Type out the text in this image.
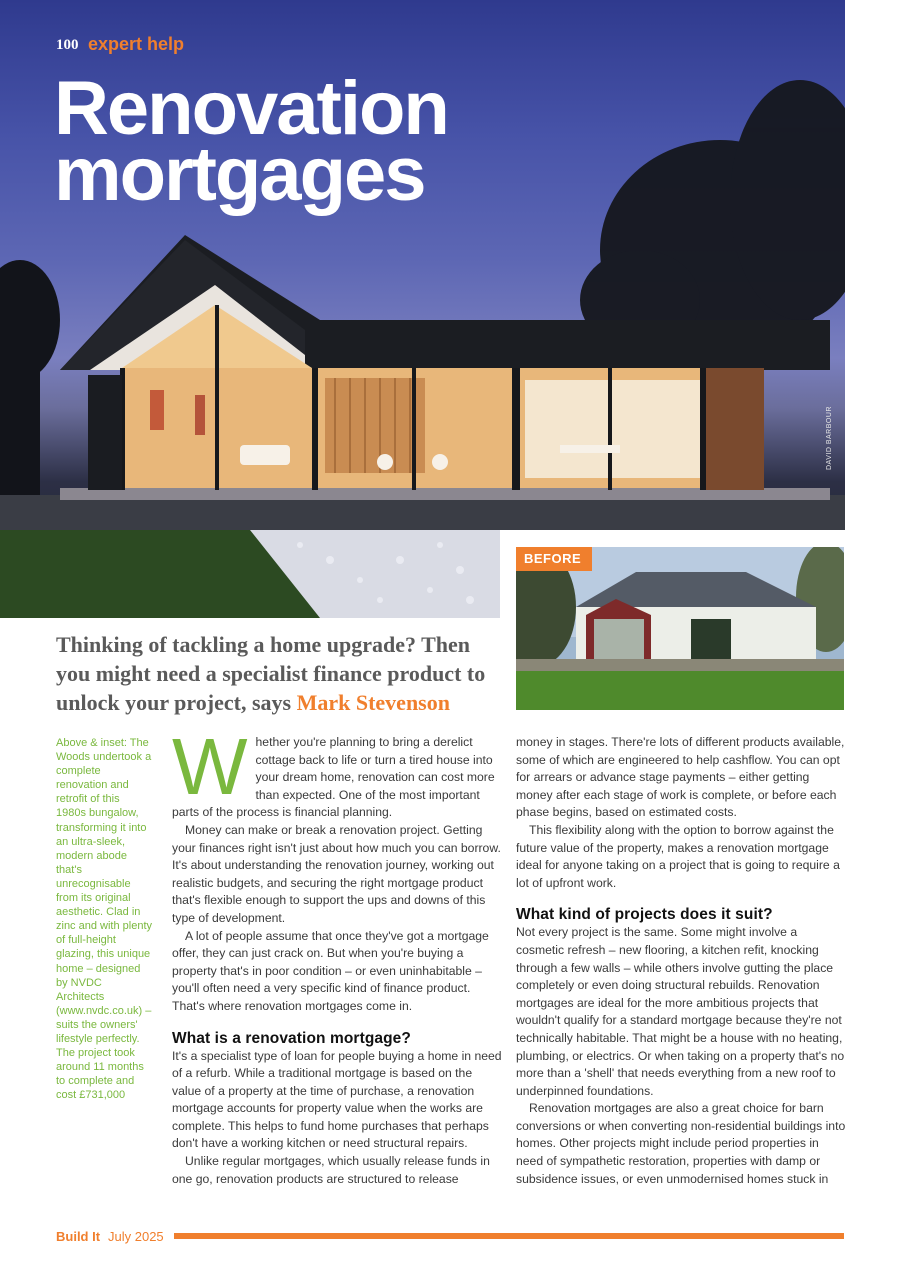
DAVID BARBOUR
100 expert help
Renovation mortgages
BEFORE
Thinking of tackling a home upgrade? Then you might need a specialist finance product to unlock your project, says Mark Stevenson
Above & inset: The Woods undertook a complete renovation and retrofit of this 1980s bungalow, transforming it into an ultra-sleek, modern abode that's unrecognisable from its original aesthetic. Clad in zinc and with plenty of full-height glazing, this unique home – designed by NVDC Architects (www.nvdc.co.uk) – suits the owners' lifestyle perfectly. The project took around 11 months to complete and cost £731,000

Whether you're planning to bring a derelict cottage back to life or turn a tired house into your dream home, renovation can cost more than expected. One of the most important parts of the process is financial planning.

Money can make or break a renovation project. Getting your finances right isn't just about how much you can borrow. It's about understanding the renovation journey, working out realistic budgets, and securing the right mortgage product that's flexible enough to support the ups and downs of this type of development.

A lot of people assume that once they've got a mortgage offer, they can just crack on. But when you're buying a property that's in poor condition – or even uninhabitable – you'll often need a very specific kind of finance product. That's where renovation mortgages come in.

What is a renovation mortgage?

It's a specialist type of loan for people buying a home in need of a refurb. While a traditional mortgage is based on the value of a property at the time of purchase, a renovation mortgage accounts for property value when the works are complete. This helps to fund home purchases that perhaps don't have a working kitchen or need structural repairs.

Unlike regular mortgages, which usually release funds in one go, renovation products are structured to release

money in stages. There're lots of different products available, some of which are engineered to help cashflow. You can opt for arrears or advance stage payments – either getting money after each stage of work is complete, or before each phase begins, based on estimated costs.

This flexibility along with the option to borrow against the future value of the property, makes a renovation mortgage ideal for anyone taking on a project that is going to require a lot of upfront work.

What kind of projects does it suit?

Not every project is the same. Some might involve a cosmetic refresh – new flooring, a kitchen refit, knocking through a few walls – while others involve gutting the place completely or even doing structural rebuilds. Renovation mortgages are ideal for the more ambitious projects that wouldn't qualify for a standard mortgage because they're not technically habitable. That might be a house with no heating, plumbing, or electrics. Or when taking on a property that's no more than a 'shell' that needs everything from a new roof to underpinned foundations.

Renovation mortgages are also a great choice for barn conversions or when converting non-residential buildings into homes. Other projects might include period properties in need of sympathetic restoration, properties with damp or subsidence issues, or even unmodernised homes stuck in

Build It July 2025
